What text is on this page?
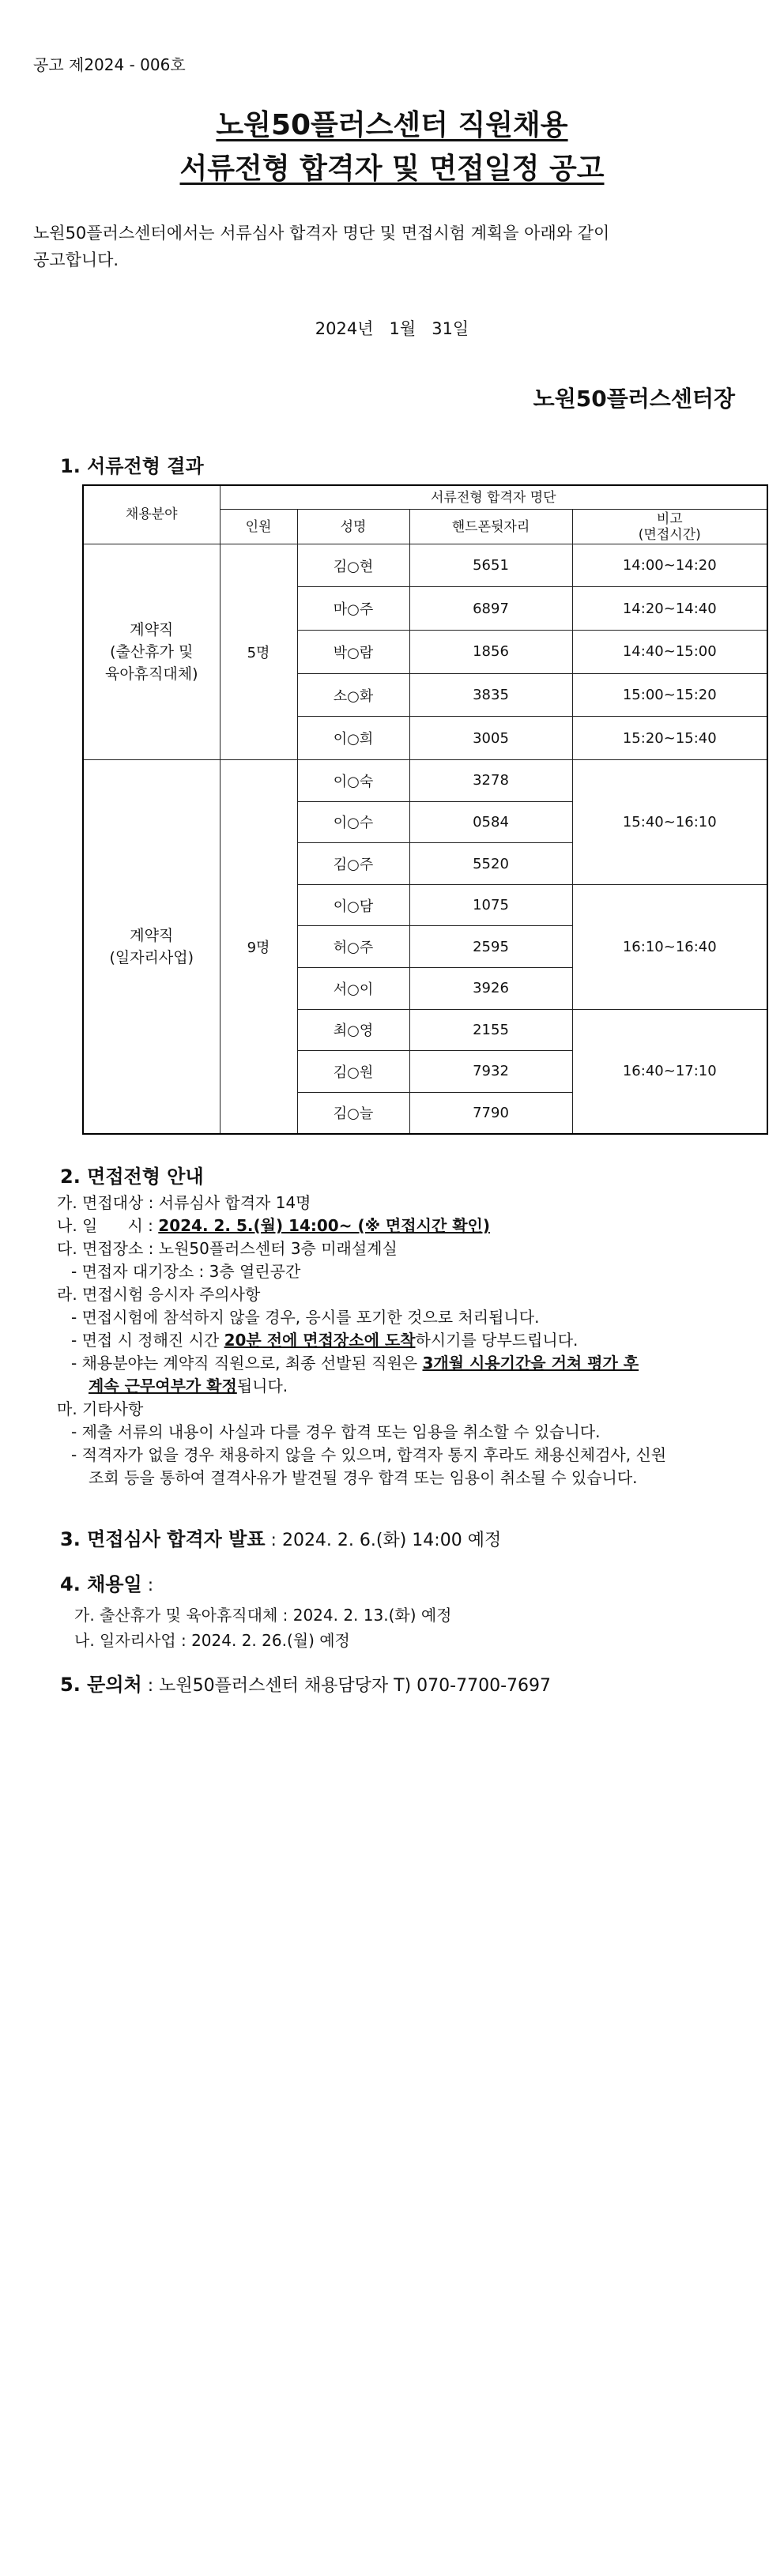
공고 제2024 - 006호
노원50플러스센터 직원채용
서류전형 합격자 및 면접일정 공고
노원50플러스센터에서는 서류심사 합격자 명단 및 면접시험 계획을 아래와 같이
공고합니다.
2024년   1월   31일
노원50플러스센터장
1. 서류전형 결과
채용분야	서류전형 합격자 명단			
	인원	성명	핸드폰뒷자리	비고
(면접시간)

계약직
(출산휴가 및
육아휴직대체)	5명	김○현	5651	14:00~14:20
		마○주	6897	14:20~14:40
		박○람	1856	14:40~15:00
		소○화	3835	15:00~15:20
		이○희	3005	15:20~15:40

계약직
(일자리사업)	9명	이○숙	3278	15:40~16:10
		이○수	0584	
		김○주	5520	
		이○담	1075	16:10~16:40
		허○주	2595	
		서○이	3926	
		최○영	2155	16:40~17:10
		김○원	7932	
		김○늘	7790	
2. 면접전형 안내
가. 면접대상 : 서류심사 합격자 14명
나. 일      시 : 2024. 2. 5.(월) 14:00~ (※ 면접시간 확인)
다. 면접장소 : 노원50플러스센터 3층 미래설계실
- 면접자 대기장소 : 3층 열린공간
라. 면접시험 응시자 주의사항
- 면접시험에 참석하지 않을 경우, 응시를 포기한 것으로 처리됩니다.
- 면접 시 정해진 시간 20분 전에 면접장소에 도착하시기를 당부드립니다.
- 채용분야는 계약직 직원으로, 최종 선발된 직원은 3개월 시용기간을 거쳐 평가 후
계속 근무여부가 확정됩니다.
마. 기타사항
- 제출 서류의 내용이 사실과 다를 경우 합격 또는 임용을 취소할 수 있습니다.
- 적격자가 없을 경우 채용하지 않을 수 있으며, 합격자 통지 후라도 채용신체검사, 신원
조회 등을 통하여 결격사유가 발견될 경우 합격 또는 임용이 취소될 수 있습니다.
3. 면접심사 합격자 발표 : 2024. 2. 6.(화) 14:00 예정
4. 채용일 :
가. 출산휴가 및 육아휴직대체 : 2024. 2. 13.(화) 예정
나. 일자리사업 : 2024. 2. 26.(월) 예정
5. 문의처 : 노원50플러스센터 채용담당자 T) 070-7700-7697
